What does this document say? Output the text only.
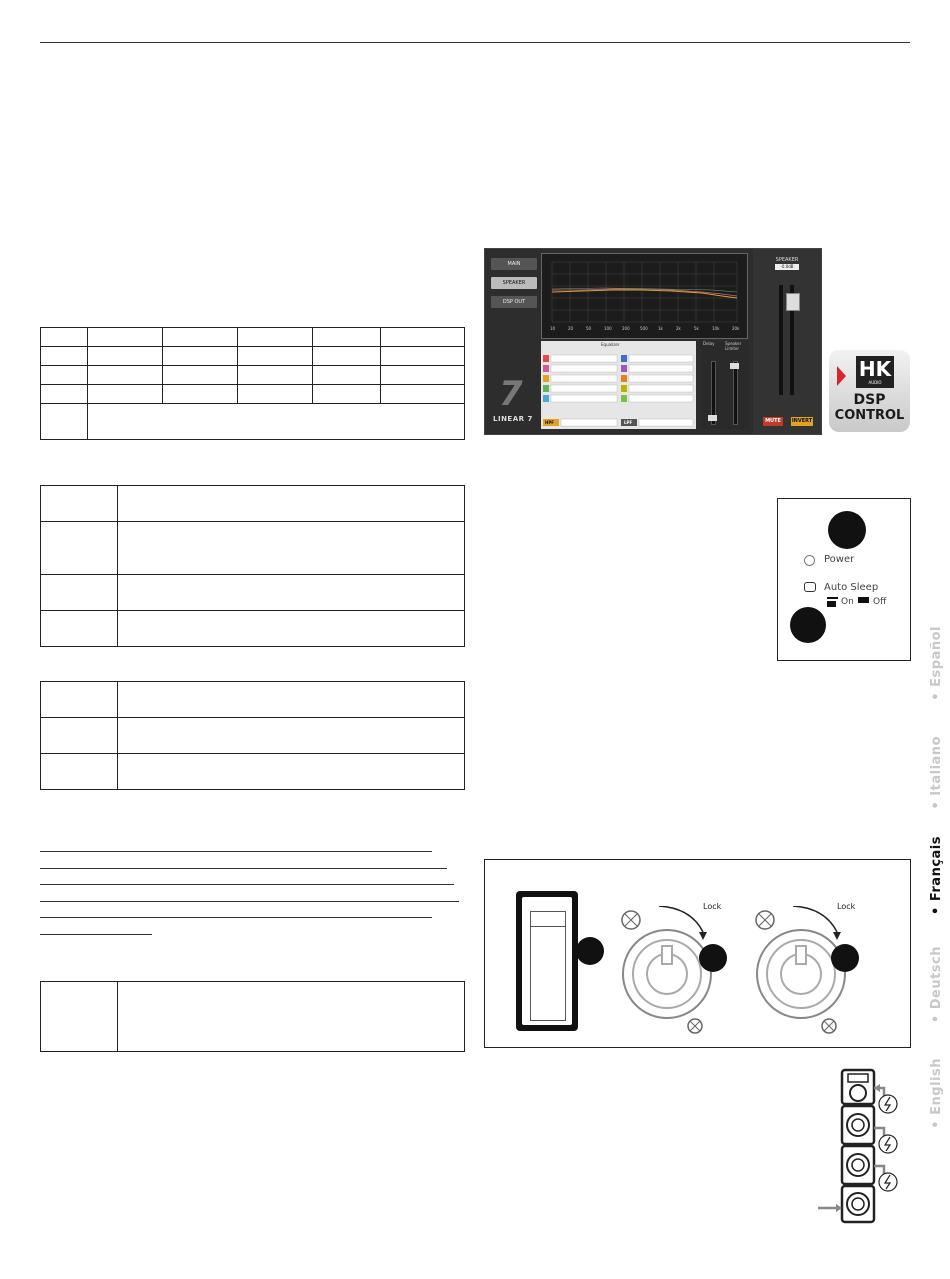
MAIN
SPEAKER
DSP OUT
7
LINEAR 7
10	20	50	100	200	500	1k	2k	5k	10k	20k
Equalizer
HPF	LPF
Delay	Speaker Limiter
SPEAKER
-0.0dB
MUTE	INVERT
HK
AUDIO
DSP
CONTROL
Power
Auto Sleep
On Off
Lock	Lock
• English
• Deutsch
• Français
• Italiano
• Español
